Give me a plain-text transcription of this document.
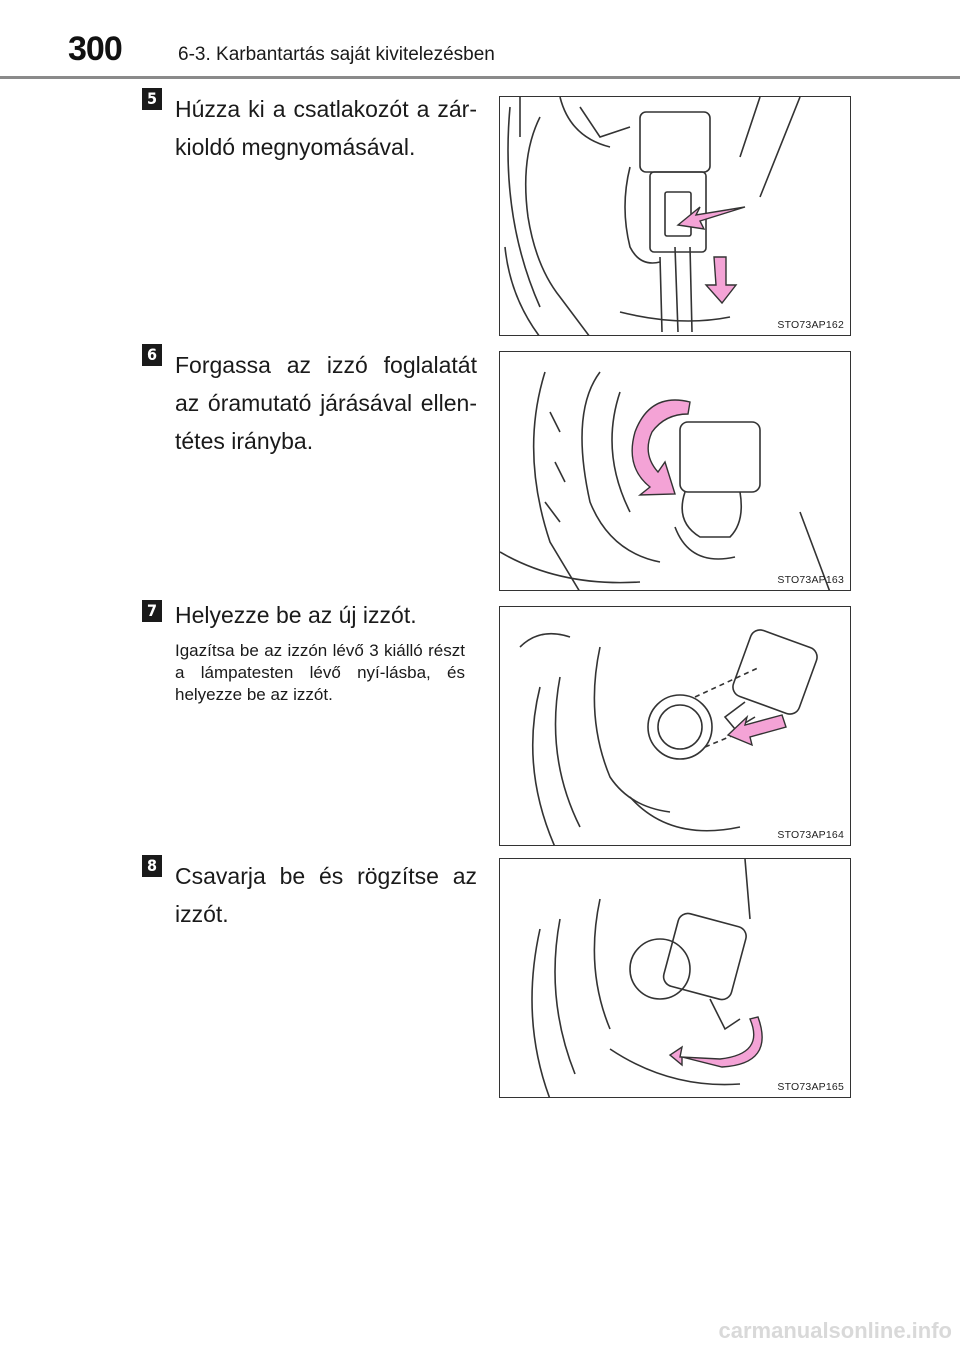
300	6-3. Karbantartás saját kivitelezésben
5 Húzza ki a csatlakozót a zár-kioldó megnyomásával.
STO73AP162
6 Forgassa az izzó foglalatát az óramutató járásával ellen-tétes irányba.
STO73AP163
7 Helyezze be az új izzót.
Igazítsa be az izzón lévő 3 kiálló részt a lámpatesten lévő nyí-lásba, és helyezze be az izzót.
STO73AP164
8 Csavarja be és rögzítse az izzót.
STO73AP165
carmanualsonline.info
